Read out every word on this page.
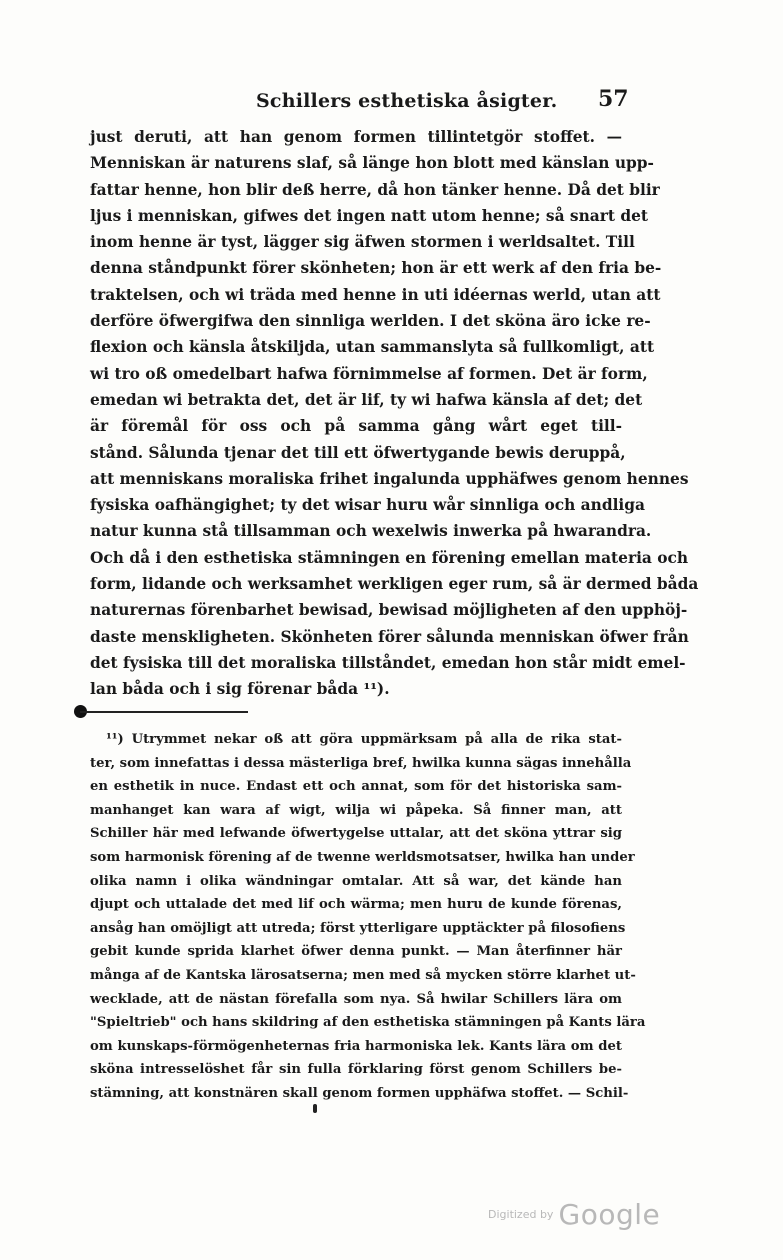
Schillers esthetiska åsigter. 57
just deruti, att han genom formen tillintetgör stoffet. —
Menniskan är naturens slaf, så länge hon blott med känslan upp-
fattar henne, hon blir deß herre, då hon tänker henne. Då det blir
ljus i menniskan, gifwes det ingen natt utom henne; så snart det
inom henne är tyst, lägger sig äfwen stormen i werldsaltet. Till
denna ståndpunkt förer skönheten; hon är ett werk af den fria be-
traktelsen, och wi träda med henne in uti idéernas werld, utan att
derföre öfwergifwa den sinnliga werlden. I det sköna äro icke re-
flexion och känsla åtskiljda, utan sammanslyta så fullkomligt, att
wi tro oß omedelbart hafwa förnimmelse af formen. Det är form,
emedan wi betrakta det, det är lif, ty wi hafwa känsla af det; det
är föremål för oss och på samma gång wårt eget till-
stånd. Sålunda tjenar det till ett öfwertygande bewis deruppå,
att menniskans moraliska frihet ingalunda upphäfwes genom hennes
fysiska oafhängighet; ty det wisar huru wår sinnliga och andliga
natur kunna stå tillsamman och wexelwis inwerka på hwarandra.
Och då i den esthetiska stämningen en förening emellan materia och
form, lidande och werksamhet werkligen eger rum, så är dermed båda
naturernas förenbarhet bewisad, bewisad möjligheten af den upphöj-
daste menskligheten. Skönheten förer sålunda menniskan öfwer från
det fysiska till det moraliska tillståndet, emedan hon står midt emel-
lan båda och i sig förenar båda ¹¹).
¹¹) Utrymmet nekar oß att göra uppmärksam på alla de rika stat-
ter, som innefattas i dessa mästerliga bref, hwilka kunna sägas innehålla
en esthetik in nuce. Endast ett och annat, som för det historiska sam-
manhanget kan wara af wigt, wilja wi påpeka. Så finner man, att
Schiller här med lefwande öfwertygelse uttalar, att det sköna yttrar sig
som harmonisk förening af de twenne werldsmotsatser, hwilka han under
olika namn i olika wändningar omtalar. Att så war, det kände han
djupt och uttalade det med lif och wärma; men huru de kunde förenas,
ansåg han omöjligt att utreda; först ytterligare upptäckter på filosofiens
gebit kunde sprida klarhet öfwer denna punkt. — Man återfinner här
många af de Kantska lärosatserna; men med så mycken större klarhet ut-
wecklade, att de nästan förefalla som nya. Så hwilar Schillers lära om
"Spieltrieb" och hans skildring af den esthetiska stämningen på Kants lära
om kunskaps-förmögenheternas fria harmoniska lek. Kants lära om det
sköna intresselöshet får sin fulla förklaring först genom Schillers be-
stämning, att konstnären skall genom formen upphäfwa stoffet. — Schil-
Digitized by Google
